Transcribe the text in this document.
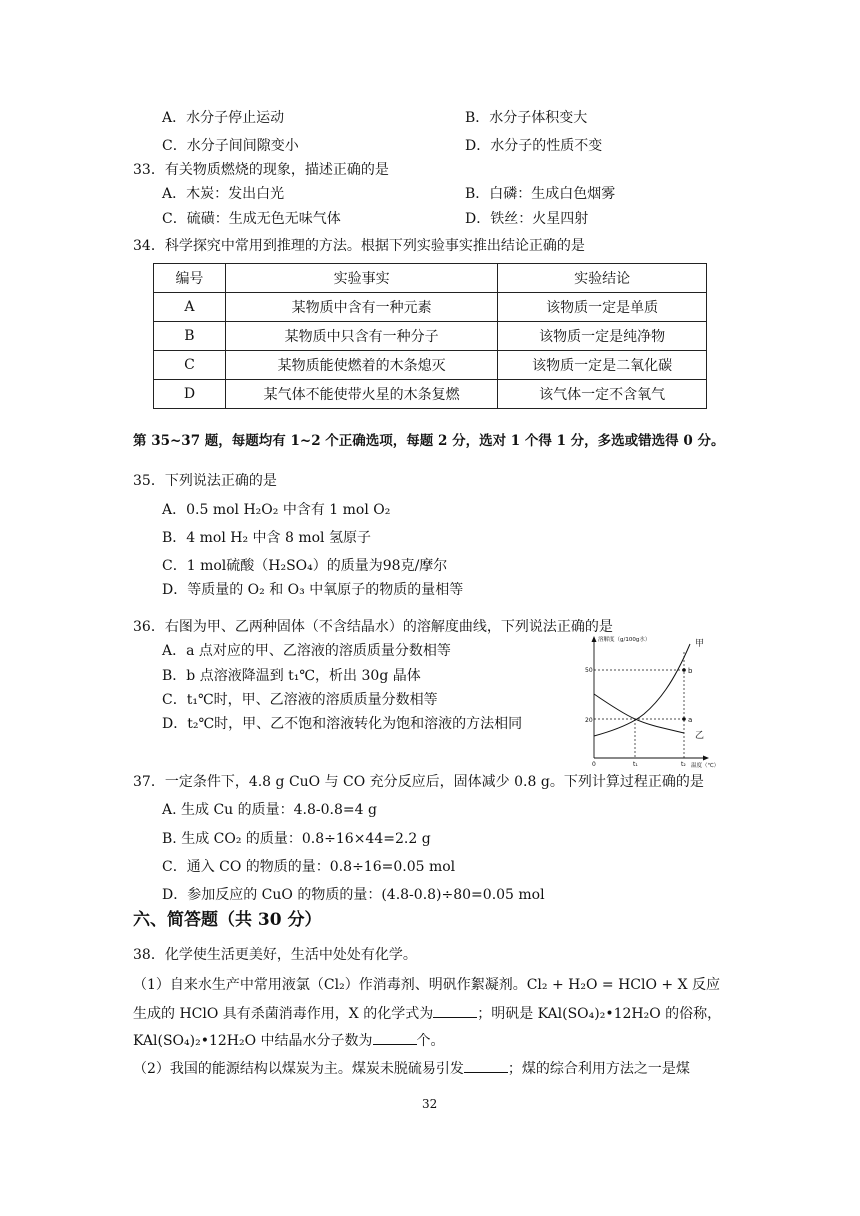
A．水分子停止运动	B．水分子体积变大
C．水分子间间隙变小	D．水分子的性质不变
33．有关物质燃烧的现象，描述正确的是
A．木炭：发出白光	B．白磷：生成白色烟雾
C．硫磺：生成无色无味气体	D．铁丝：火星四射
34．科学探究中常用到推理的方法。根据下列实验事实推出结论正确的是
编号	实验事实	实验结论
A	某物质中含有一种元素	该物质一定是单质
B	某物质中只含有一种分子	该物质一定是纯净物
C	某物质能使燃着的木条熄灭	该物质一定是二氧化碳
D	某气体不能使带火星的木条复燃	该气体一定不含氧气
第 35~37 题，每题均有 1~2 个正确选项，每题 2 分，选对 1 个得 1 分，多选或错选得 0 分。
35．下列说法正确的是
A．0.5 mol H₂O₂ 中含有 1 mol O₂
B．4 mol H₂ 中含 8 mol 氢原子
C．1 mol硫酸（H₂SO₄）的质量为98克/摩尔
D．等质量的 O₂ 和 O₃ 中氧原子的物质的量相等
36．右图为甲、乙两种固体（不含结晶水）的溶解度曲线，下列说法正确的是
A．a 点对应的甲、乙溶液的溶质质量分数相等
B．b 点溶液降温到 t₁℃，析出 30g 晶体
C．t₁℃时，甲、乙溶液的溶质质量分数相等
D．t₂℃时，甲、乙不饱和溶液转化为饱和溶液的方法相同
溶解度（g/100g水）
温度（℃）
50
20
0	t₁	t₂
b
a
甲
乙
37．一定条件下，4.8 g CuO 与 CO 充分反应后，固体减少 0.8 g。下列计算过程正确的是
A. 生成 Cu 的质量：4.8-0.8=4 g
B. 生成 CO₂ 的质量：0.8÷16×44=2.2 g
C．通入 CO 的物质的量：0.8÷16=0.05 mol
D．参加反应的 CuO 的物质的量：(4.8-0.8)÷80=0.05 mol
六、简答题（共 30 分）
38．化学使生活更美好，生活中处处有化学。
（1）自来水生产中常用液氯（Cl₂）作消毒剂、明矾作絮凝剂。Cl₂ + H₂O = HClO + X 反应
生成的 HClO 具有杀菌消毒作用，X 的化学式为	；明矾是 KAl(SO₄)₂•12H₂O 的俗称，
KAl(SO₄)₂•12H₂O 中结晶水分子数为	个。
（2）我国的能源结构以煤炭为主。煤炭未脱硫易引发	；煤的综合利用方法之一是煤
32
